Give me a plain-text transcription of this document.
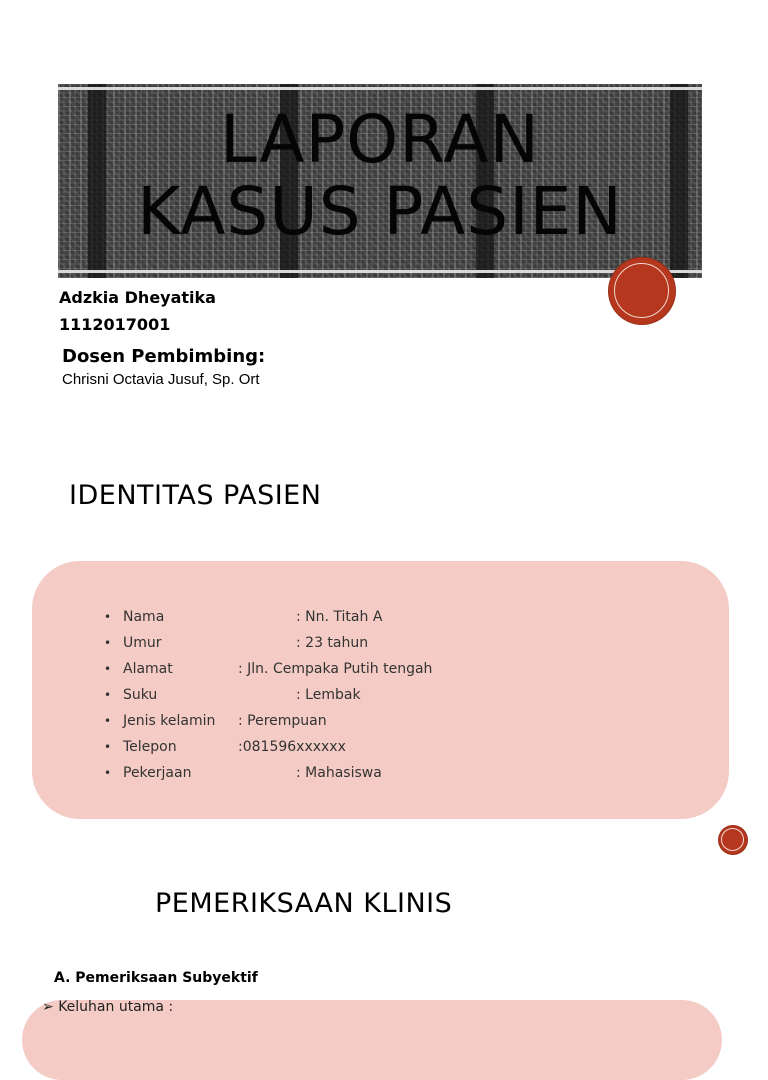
LAPORAN
KASUS PASIEN
Adzkia Dheyatika
1112017001
Dosen Pembimbing:
Chrisni Octavia Jusuf, Sp. Ort
IDENTITAS PASIEN
• Nama	: Nn. Titah A
• Umur	: 23 tahun
• Alamat	: Jln. Cempaka Putih tengah
• Suku	: Lembak
• Jenis kelamin : Perempuan
• Telepon	:081596xxxxxx
• Pekerjaan	: Mahasiswa
PEMERIKSAAN KLINIS
A. Pemeriksaan Subyektif
➢ Keluhan utama :
